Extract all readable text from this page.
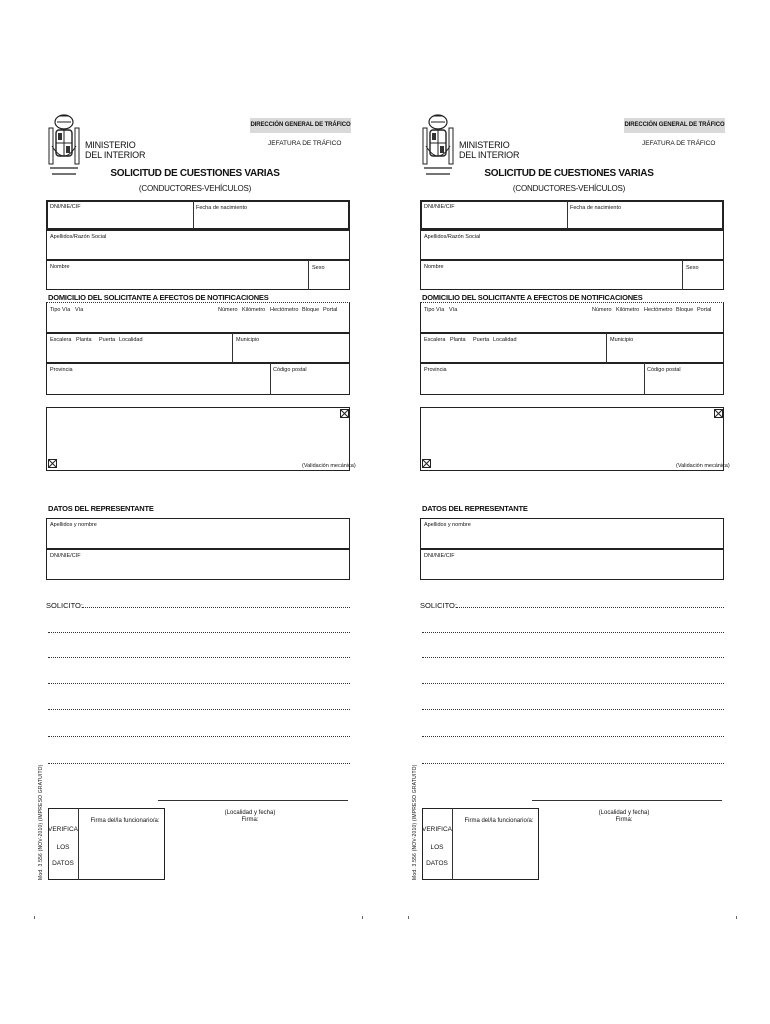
DIRECCIÓN GENERAL DE TRÁFICO
JEFATURA DE TRÁFICO
MINISTERIO
DEL INTERIOR
SOLICITUD DE CUESTIONES VARIAS
(CONDUCTORES-VEHÍCULOS)
DNI/NIE/CIF	Fecha de nacimiento
Apellidos/Razón Social
Nombre	Sexo
DOMICILIO DEL SOLICITANTE A EFECTOS DE NOTIFICACIONES
Tipo Vía Vía	Número Kilómetro Hectómetro Bloque Portal
Escalera Planta Puerta Localidad	Municipio
Provincia	Código postal
(Validación mecánica)
DATOS DEL REPRESENTANTE
Apellidos y nombre
DNI/NIE/CIF
SOLICITO:
(Localidad y fecha)
Firma:
Firma del/la funcionario/a:
VERIFICA
LOS
DATOS
Mod. 3.556 (NOV-2010) (IMPRESO GRATUITO)
DIRECCIÓN GENERAL DE TRÁFICO
JEFATURA DE TRÁFICO
MINISTERIO
DEL INTERIOR
SOLICITUD DE CUESTIONES VARIAS
(CONDUCTORES-VEHÍCULOS)
DNI/NIE/CIF	Fecha de nacimiento
Apellidos/Razón Social
Nombre	Sexo
DOMICILIO DEL SOLICITANTE A EFECTOS DE NOTIFICACIONES
Tipo Vía Vía	Número Kilómetro Hectómetro Bloque Portal
Escalera Planta Puerta Localidad	Municipio
Provincia	Código postal
(Validación mecánica)
DATOS DEL REPRESENTANTE
Apellidos y nombre
DNI/NIE/CIF
SOLICITO:
(Localidad y fecha)
Firma:
Firma del/la funcionario/a:
VERIFICA
LOS
DATOS
Mod. 3.556 (NOV-2010) (IMPRESO GRATUITO)
